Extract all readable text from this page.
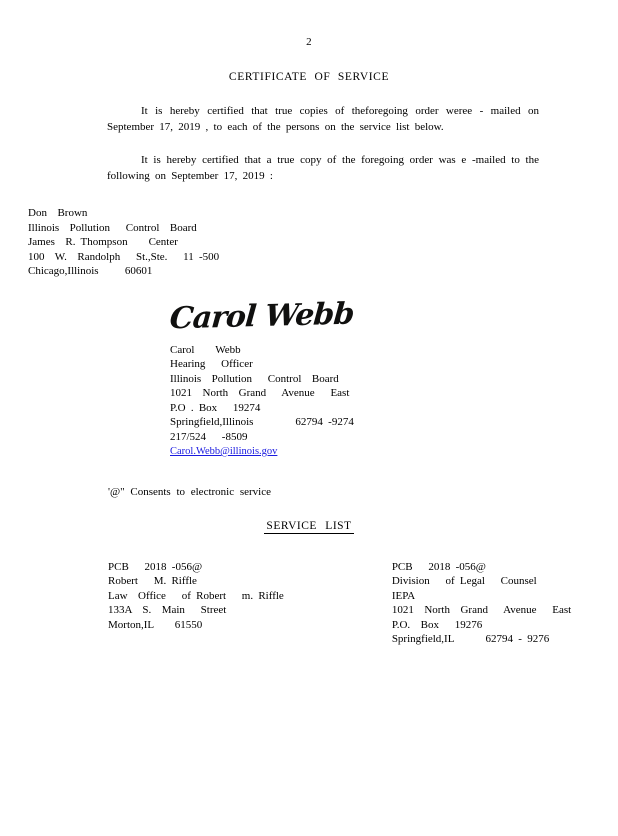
2
CERTIFICATE OF SERVICE

It is hereby certified that true copies of theforegoing order weree - mailed on September 17, 2019 , to each of the persons on the service list below.

It is hereby certified that a true copy of the foregoing order was e -mailed to the following on September 17, 2019 :

Don  Brown
Illinois  Pollution   Control  Board
James  R. Thompson    Center
100  W.  Randolph   St.,Ste.   11 -500
Chicago,Illinois     60601
Carol Webb
Carol    Webb
Hearing   Officer
Illinois  Pollution   Control  Board
1021  North  Grand   Avenue   East
P.O . Box   19274
Springfield,Illinois        62794 -9274
217/524   -8509
Carol.Webb@illinois.gov
'@" Consents to electronic service
SERVICE LIST
PCB   2018 -056@
Robert   M. Riffle
Law  Office   of Robert   m. Riffle
133A  S.  Main   Street
Morton,IL    61550
PCB   2018 -056@
Division   of Legal   Counsel
IEPA
1021  North  Grand   Avenue   East
P.O.  Box   19276
Springfield,IL      62794 - 9276
